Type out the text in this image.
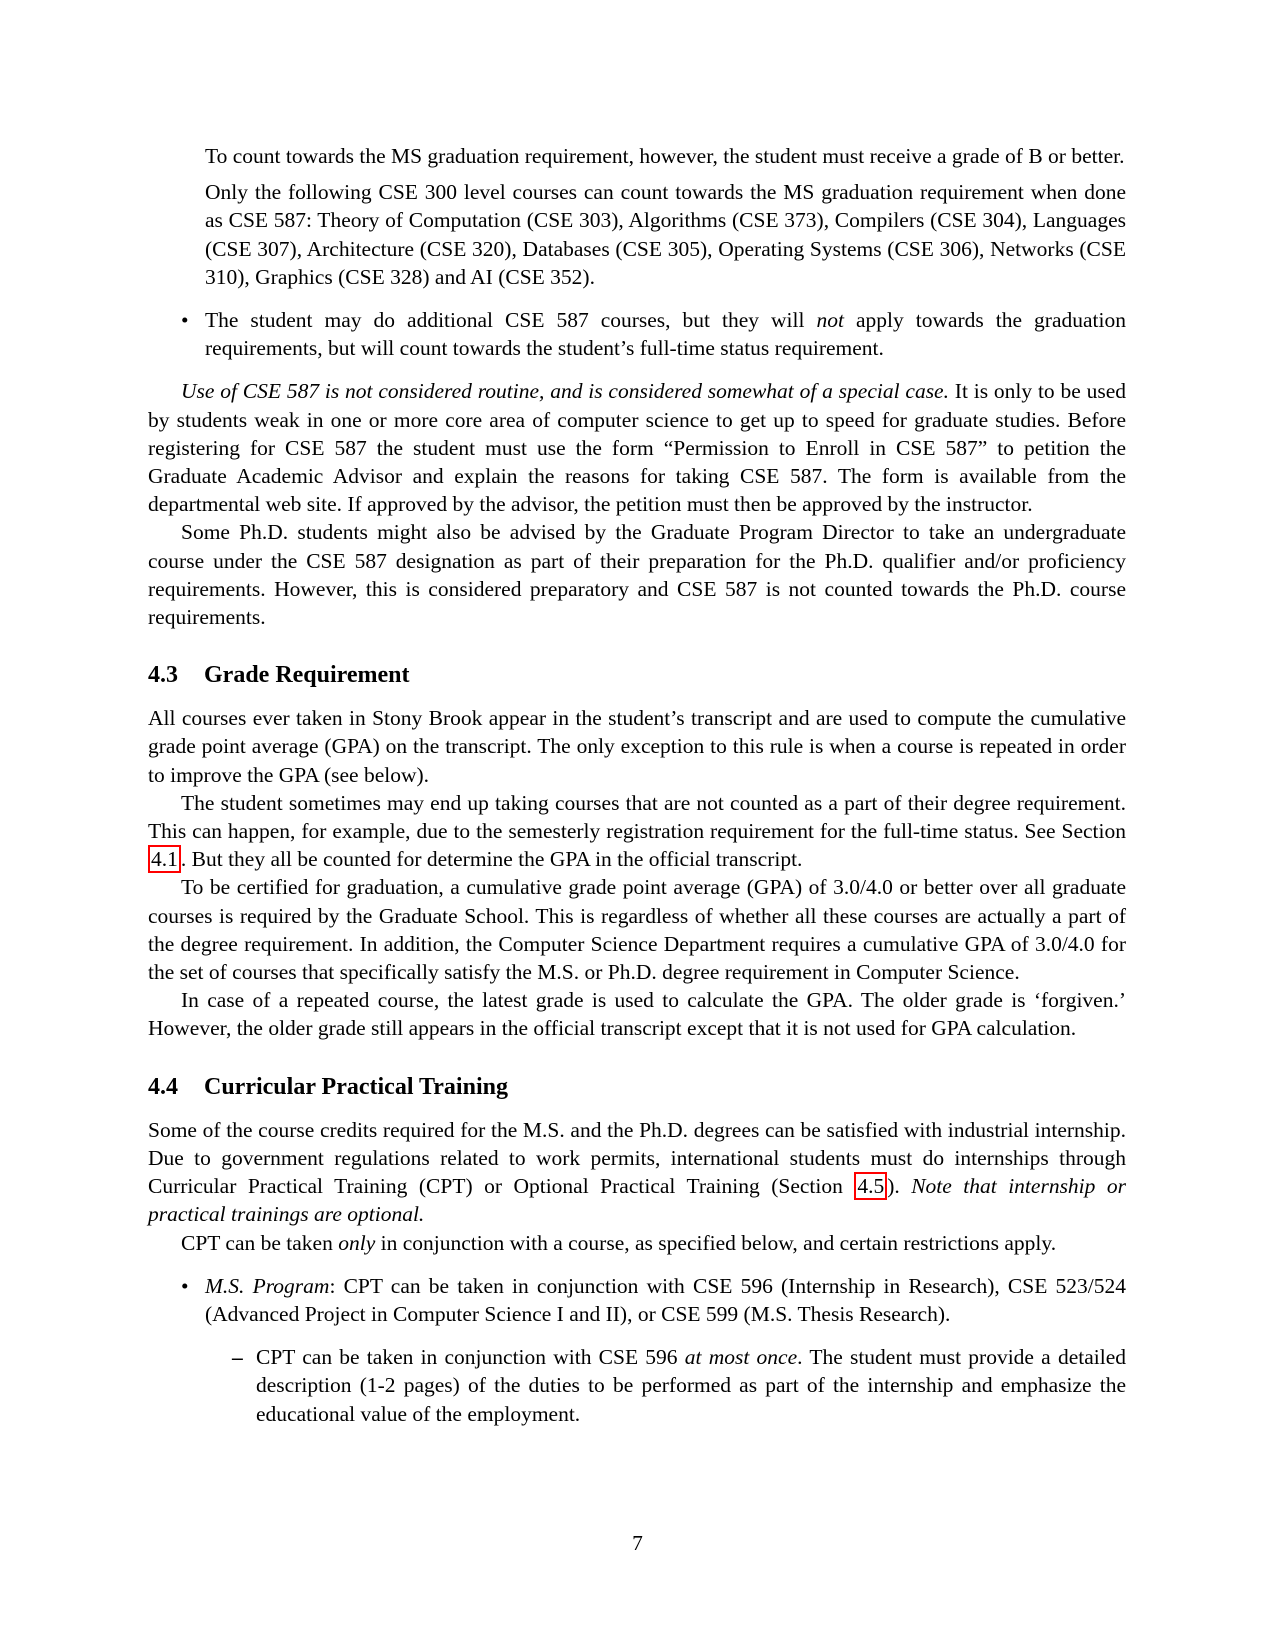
To count towards the MS graduation requirement, however, the student must receive a grade of B or better.

Only the following CSE 300 level courses can count towards the MS graduation requirement when done as CSE 587: Theory of Computation (CSE 303), Algorithms (CSE 373), Compilers (CSE 304), Languages (CSE 307), Architecture (CSE 320), Databases (CSE 305), Operating Systems (CSE 306), Networks (CSE 310), Graphics (CSE 328) and AI (CSE 352).

• The student may do additional CSE 587 courses, but they will not apply towards the graduation requirements, but will count towards the student’s full-time status requirement.

Use of CSE 587 is not considered routine, and is considered somewhat of a special case. It is only to be used by students weak in one or more core area of computer science to get up to speed for graduate studies. Before registering for CSE 587 the student must use the form “Permission to Enroll in CSE 587” to petition the Graduate Academic Advisor and explain the reasons for taking CSE 587. The form is available from the departmental web site. If approved by the advisor, the petition must then be approved by the instructor.

Some Ph.D. students might also be advised by the Graduate Program Director to take an undergraduate course under the CSE 587 designation as part of their preparation for the Ph.D. qualifier and/or proficiency requirements. However, this is considered preparatory and CSE 587 is not counted towards the Ph.D. course requirements.

4.3 Grade Requirement

All courses ever taken in Stony Brook appear in the student’s transcript and are used to compute the cumulative grade point average (GPA) on the transcript. The only exception to this rule is when a course is repeated in order to improve the GPA (see below).

The student sometimes may end up taking courses that are not counted as a part of their degree requirement. This can happen, for example, due to the semesterly registration requirement for the full-time status. See Section 4.1 . But they all be counted for determine the GPA in the official transcript.

To be certified for graduation, a cumulative grade point average (GPA) of 3.0/4.0 or better over all graduate courses is required by the Graduate School. This is regardless of whether all these courses are actually a part of the degree requirement. In addition, the Computer Science Department requires a cumulative GPA of 3.0/4.0 for the set of courses that specifically satisfy the M.S. or Ph.D. degree requirement in Computer Science.

In case of a repeated course, the latest grade is used to calculate the GPA. The older grade is ‘forgiven.’ However, the older grade still appears in the official transcript except that it is not used for GPA calculation.

4.4 Curricular Practical Training

Some of the course credits required for the M.S. and the Ph.D. degrees can be satisfied with industrial internship. Due to government regulations related to work permits, international students must do internships through Curricular Practical Training (CPT) or Optional Practical Training (Section 4.5 ). Note that internship or practical trainings are optional.

CPT can be taken only in conjunction with a course, as specified below, and certain restrictions apply.

• M.S. Program: CPT can be taken in conjunction with CSE 596 (Internship in Research), CSE 523/524 (Advanced Project in Computer Science I and II), or CSE 599 (M.S. Thesis Research).
– CPT can be taken in conjunction with CSE 596 at most once. The student must provide a detailed description (1-2 pages) of the duties to be performed as part of the internship and emphasize the educational value of the employment.
7
